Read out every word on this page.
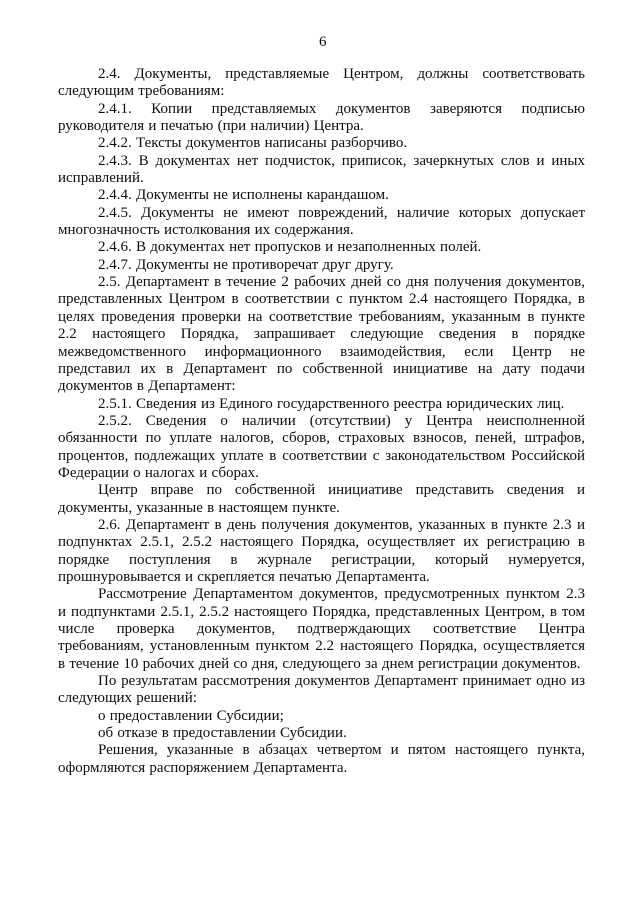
6

2.4. Документы, представляемые Центром, должны соответствовать следующим требованиям:

2.4.1. Копии представляемых документов заверяются подписью руководителя и печатью (при наличии) Центра.

2.4.2. Тексты документов написаны разборчиво.

2.4.3. В документах нет подчисток, приписок, зачеркнутых слов и иных исправлений.

2.4.4. Документы не исполнены карандашом.

2.4.5. Документы не имеют повреждений, наличие которых допускает многозначность истолкования их содержания.

2.4.6. В документах нет пропусков и незаполненных полей.

2.4.7. Документы не противоречат друг другу.

2.5. Департамент в течение 2 рабочих дней со дня получения документов, представленных Центром в соответствии с пунктом 2.4 настоящего Порядка, в целях проведения проверки на соответствие требованиям, указанным в пункте 2.2 настоящего Порядка, запрашивает следующие сведения в порядке межведомственного информационного взаимодействия, если Центр не представил их в Департамент по собственной инициативе на дату подачи документов в Департамент:

2.5.1. Сведения из Единого государственного реестра юридических лиц.

2.5.2. Сведения о наличии (отсутствии) у Центра неисполненной обязанности по уплате налогов, сборов, страховых взносов, пеней, штрафов, процентов, подлежащих уплате в соответствии с законодательством Российской Федерации о налогах и сборах.

Центр вправе по собственной инициативе представить сведения и документы, указанные в настоящем пункте.

2.6. Департамент в день получения документов, указанных в пункте 2.3 и подпунктах 2.5.1, 2.5.2 настоящего Порядка, осуществляет их регистрацию в порядке поступления в журнале регистрации, который нумеруется, прошнуровывается и скрепляется печатью Департамента.

Рассмотрение Департаментом документов, предусмотренных пунктом 2.3 и подпунктами 2.5.1, 2.5.2 настоящего Порядка, представленных Центром, в том числе проверка документов, подтверждающих соответствие Центра требованиям, установленным пунктом 2.2 настоящего Порядка, осуществляется в течение 10 рабочих дней со дня, следующего за днем регистрации документов.

По результатам рассмотрения документов Департамент принимает одно из следующих решений:

о предоставлении Субсидии;

об отказе в предоставлении Субсидии.

Решения, указанные в абзацах четвертом и пятом настоящего пункта, оформляются распоряжением Департамента.
